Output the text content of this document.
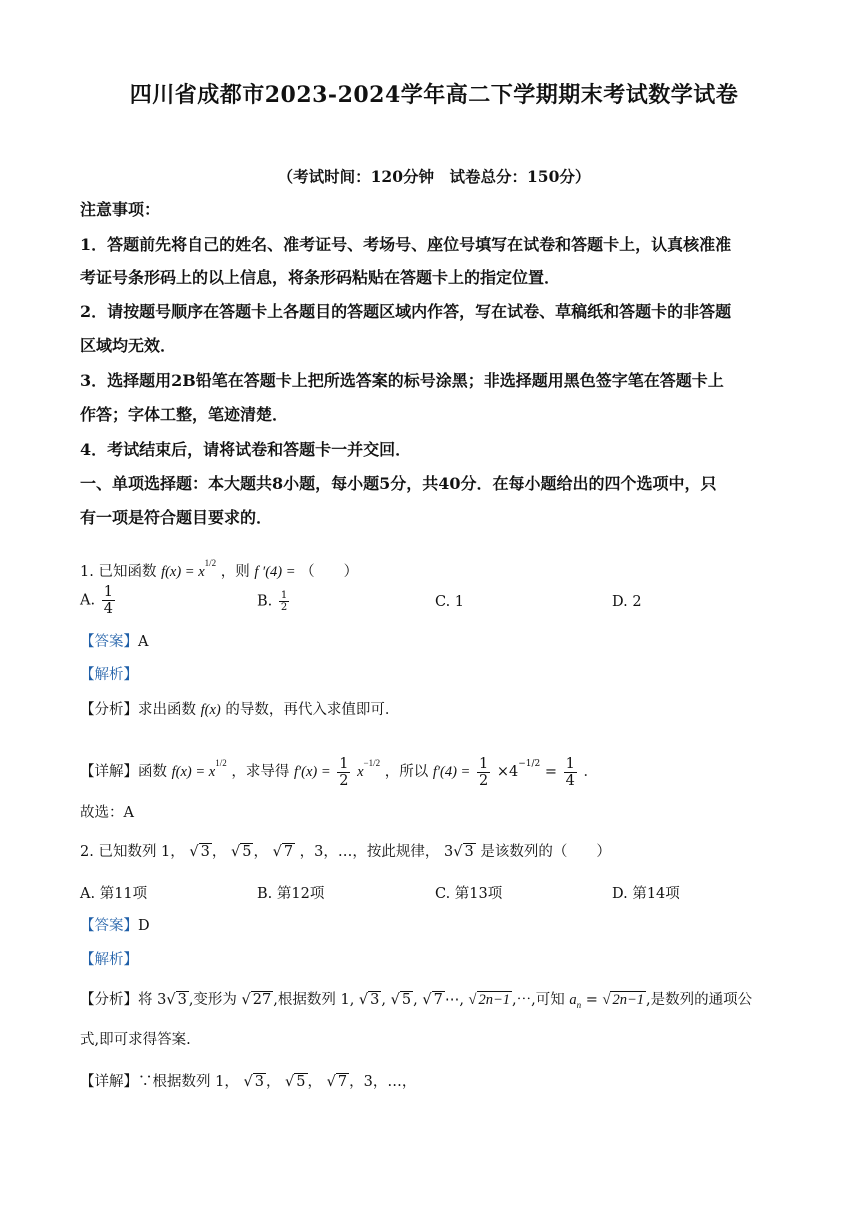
四川省成都市2023-2024学年高二下学期期末考试数学试卷
（考试时间：120分钟　试卷总分：150分）
注意事项：
1．答题前先将自己的姓名、准考证号、考场号、座位号填写在试卷和答题卡上，认真核准准
考证号条形码上的以上信息，将条形码粘贴在答题卡上的指定位置．
2．请按题号顺序在答题卡上各题目的答题区域内作答，写在试卷、草稿纸和答题卡的非答题
区域均无效．
3．选择题用2B铅笔在答题卡上把所选答案的标号涂黑；非选择题用黑色签字笔在答题卡上
作答；字体工整，笔迹清楚．
4．考试结束后，请将试卷和答题卡一并交回．
一、单项选择题：本大题共8小题，每小题5分，共40分．在每小题给出的四个选项中，只
有一项是符合题目要求的．
1. 已知函数 $f(x) = x^{1/2}$ ，则 f ′(4) = （　　）
A. $\frac{1}{4}$	B. $\frac{1}{2}$	C. 1	D. 2
【答案】A
【解析】
【分析】求出函数 f(x) 的导数，再代入求值即可．
【详解】函数 $f(x) = x^{1/2}$ ，求导得 $f'(x) = \frac{1}{2} x^{-1/2}$ ，所以 $f'(4) = \frac{1}{2} \times 4^{-1/2} = \frac{1}{4}$ ．
故选：A
2. 已知数列 1， √ 3 ， √ 5 ， √ 7 ，3，…，按此规律， 3√ 3 是该数列的（　　）
A. 第11项	B. 第12项	C. 第13项	D. 第14项
【答案】D
【解析】
【分析】将 3√ 3 ,变形为 √ 27 ,根据数列 1, √ 3 , √ 5 , √ 7 ⋯, √ 2n−1 ,⋯,可知 $a_n$ = √ 2n−1 ,是数列的通项公
式,即可求得答案.
【详解】∵根据数列 1， √ 3 ， √ 5 ， √ 7 ，3，…，
